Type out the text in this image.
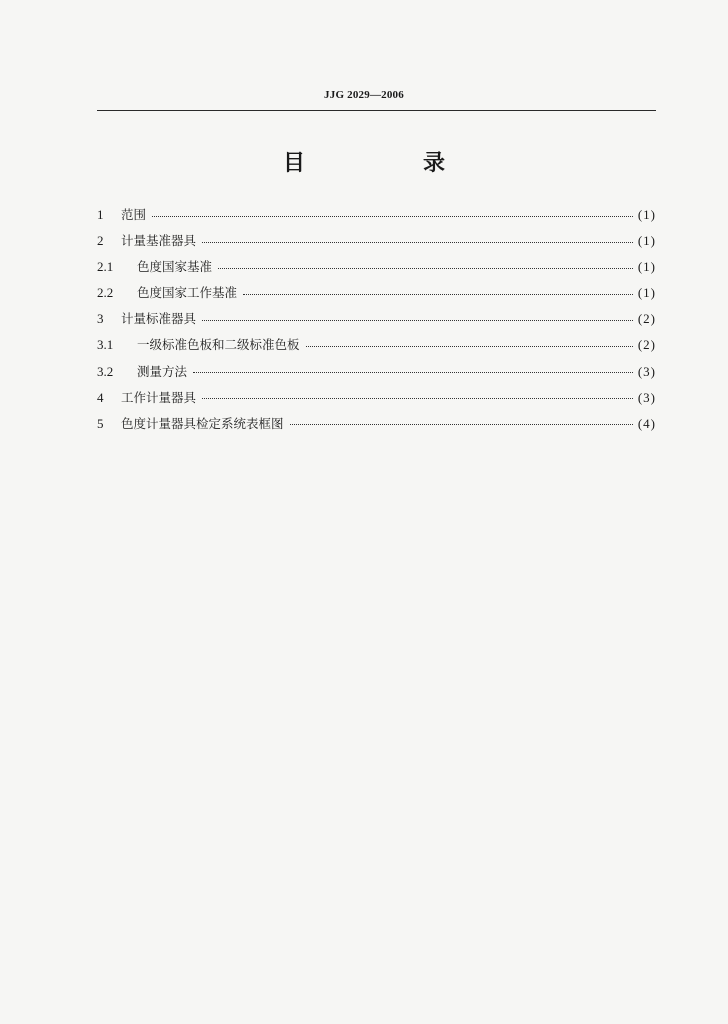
JJG 2029—2006
目　录
1	范围	(1)
2	计量基准器具	(1)
2.1	色度国家基准	(1)
2.2	色度国家工作基准	(1)
3	计量标准器具	(2)
3.1	一级标准色板和二级标准色板	(2)
3.2	测量方法	(3)
4	工作计量器具	(3)
5	色度计量器具检定系统表框图	(4)
